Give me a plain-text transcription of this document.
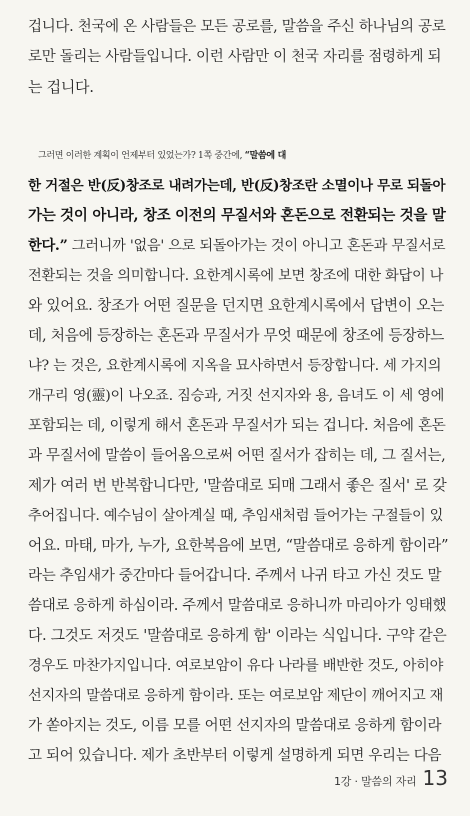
겁니다. 천국에 온 사람들은 모든 공로를, 말씀을 주신 하나님의 공로
로만 돌리는 사람들입니다. 이런 사람만 이 천국 자리를 점령하게 되
는 겁니다.
그러면 이러한 계획이 언제부터 있었는가? 1쪽 중간에, “말씀에 대
한 거절은 반(反)창조로 내려가는데, 반(反)창조란 소멸이나 무로 되돌아
가는 것이 아니라, 창조 이전의 무질서와 혼돈으로 전환되는 것을 말
한다.” 그러니까 '없음' 으로 되돌아가는 것이 아니고 혼돈과 무질서로
전환되는 것을 의미합니다. 요한계시록에 보면 창조에 대한 화답이 나
와 있어요. 창조가 어떤 질문을 던지면 요한계시록에서 답변이 오는
데, 처음에 등장하는 혼돈과 무질서가 무엇 때문에 창조에 등장하느
냐? 는 것은, 요한계시록에 지옥을 묘사하면서 등장합니다. 세 가지의
개구리 영(靈)이 나오죠. 짐승과, 거짓 선지자와 용, 음녀도 이 세 영에
포함되는 데, 이렇게 해서 혼돈과 무질서가 되는 겁니다. 처음에 혼돈
과 무질서에 말씀이 들어옴으로써 어떤 질서가 잡히는 데, 그 질서는,
제가 여러 번 반복합니다만, '말씀대로 되매 그래서 좋은 질서' 로 갖
추어집니다. 예수님이 살아계실 때, 추임새처럼 들어가는 구절들이 있
어요. 마태, 마가, 누가, 요한복음에 보면, “말씀대로 응하게 함이라”
라는 추임새가 중간마다 들어갑니다. 주께서 나귀 타고 가신 것도 말
씀대로 응하게 하심이라. 주께서 말씀대로 응하니까 마리아가 잉태했
다. 그것도 저것도 '말씀대로 응하게 함' 이라는 식입니다. 구약 같은
경우도 마찬가지입니다. 여로보암이 유다 나라를 배반한 것도, 아히야
선지자의 말씀대로 응하게 함이라. 또는 여로보암 제단이 깨어지고 재
가 쏟아지는 것도, 이름 모를 어떤 선지자의 말씀대로 응하게 함이라
고 되어 있습니다. 제가 초반부터 이렇게 설명하게 되면 우리는 다음
1강 · 말씀의 자리 13
